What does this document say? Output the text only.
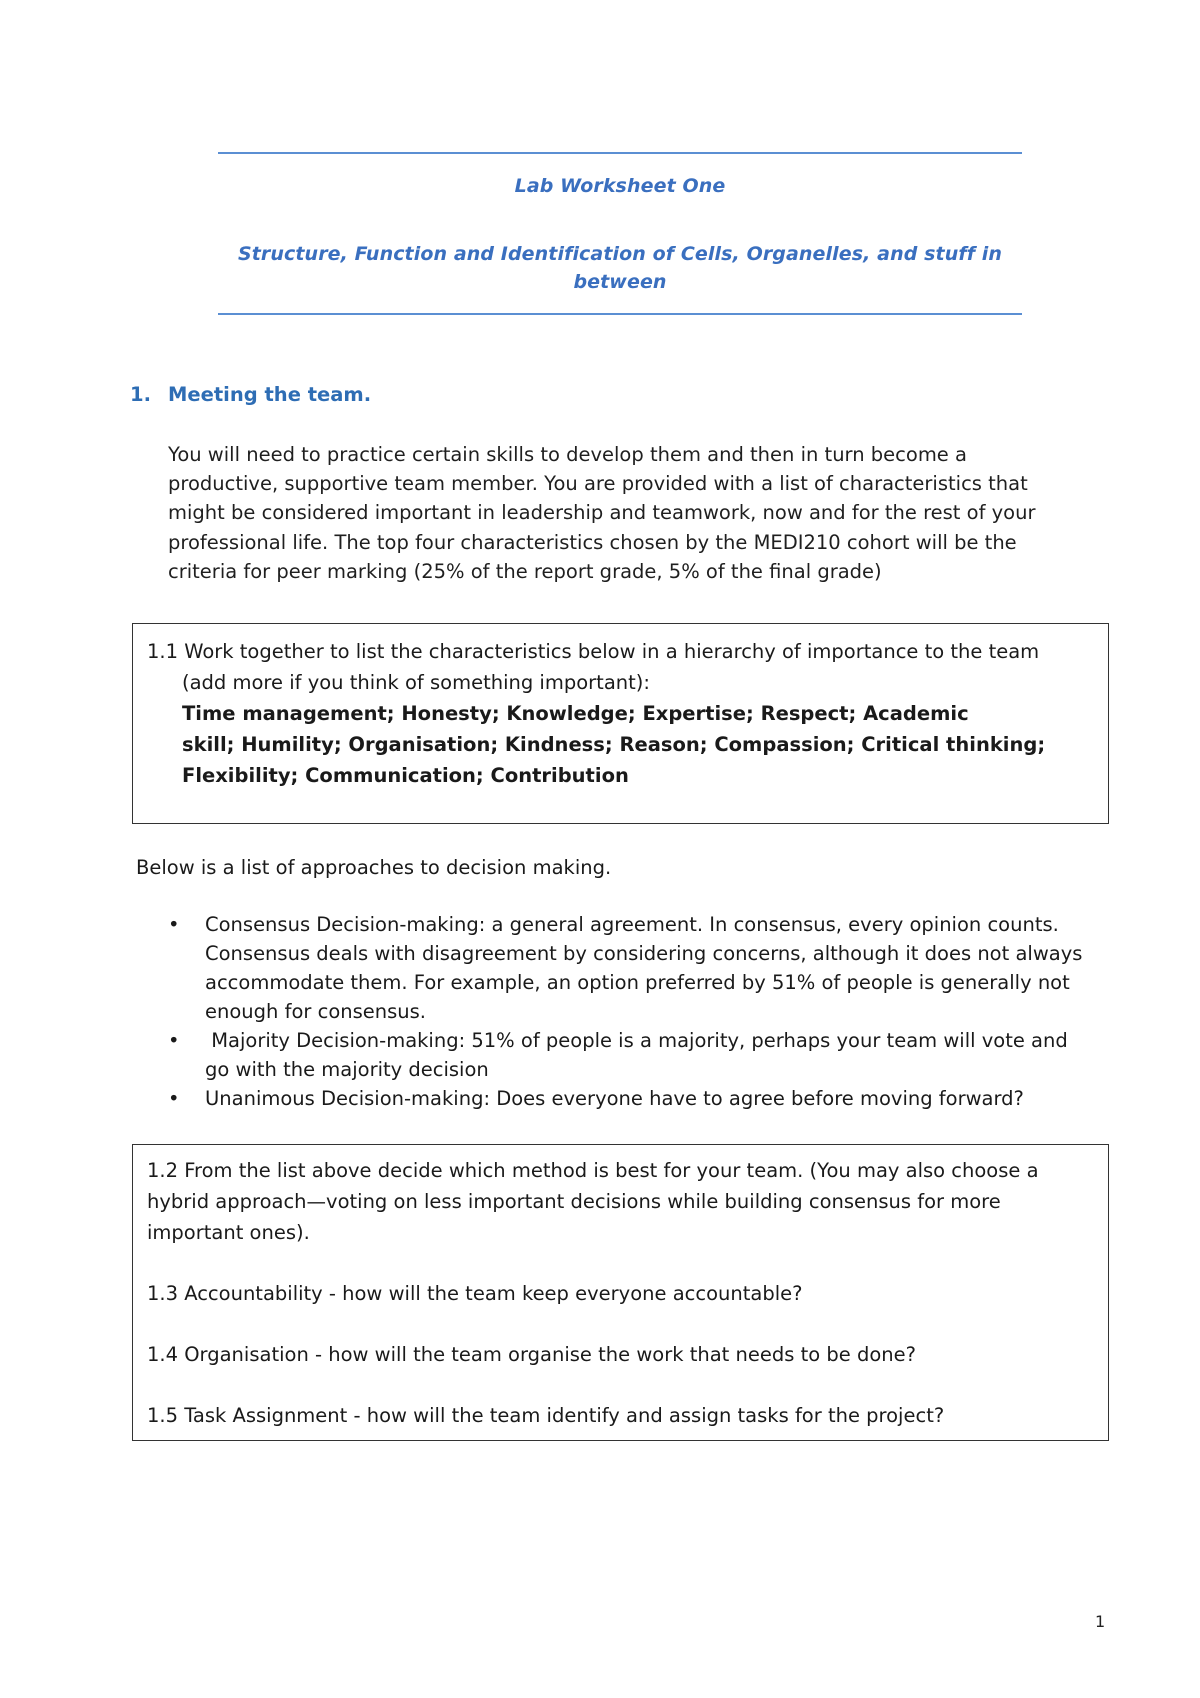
Lab Worksheet One
Structure, Function and Identification of Cells, Organelles, and stuff in
between
1. Meeting the team.
You will need to practice certain skills to develop them and then in turn become a
productive, supportive team member. You are provided with a list of characteristics that
might be considered important in leadership and teamwork, now and for the rest of your
professional life. The top four characteristics chosen by the MEDI210 cohort will be the
criteria for peer marking (25% of the report grade, 5% of the final grade)
1.1 Work together to list the characteristics below in a hierarchy of importance to the team
(add more if you think of something important):
Time management; Honesty; Knowledge; Expertise; Respect; Academic
skill; Humility; Organisation; Kindness; Reason; Compassion; Critical thinking;
Flexibility; Communication; Contribution
Below is a list of approaches to decision making.
• Consensus Decision-making: a general agreement. In consensus, every opinion counts.
Consensus deals with disagreement by considering concerns, although it does not always
accommodate them. For example, an option preferred by 51% of people is generally not
enough for consensus.
• Majority Decision-making: 51% of people is a majority, perhaps your team will vote and
go with the majority decision
• Unanimous Decision-making: Does everyone have to agree before moving forward?
1.2 From the list above decide which method is best for your team. (You may also choose a
hybrid approach—voting on less important decisions while building consensus for more
important ones).
1.3 Accountability - how will the team keep everyone accountable?
1.4 Organisation - how will the team organise the work that needs to be done?
1.5 Task Assignment - how will the team identify and assign tasks for the project?
1
